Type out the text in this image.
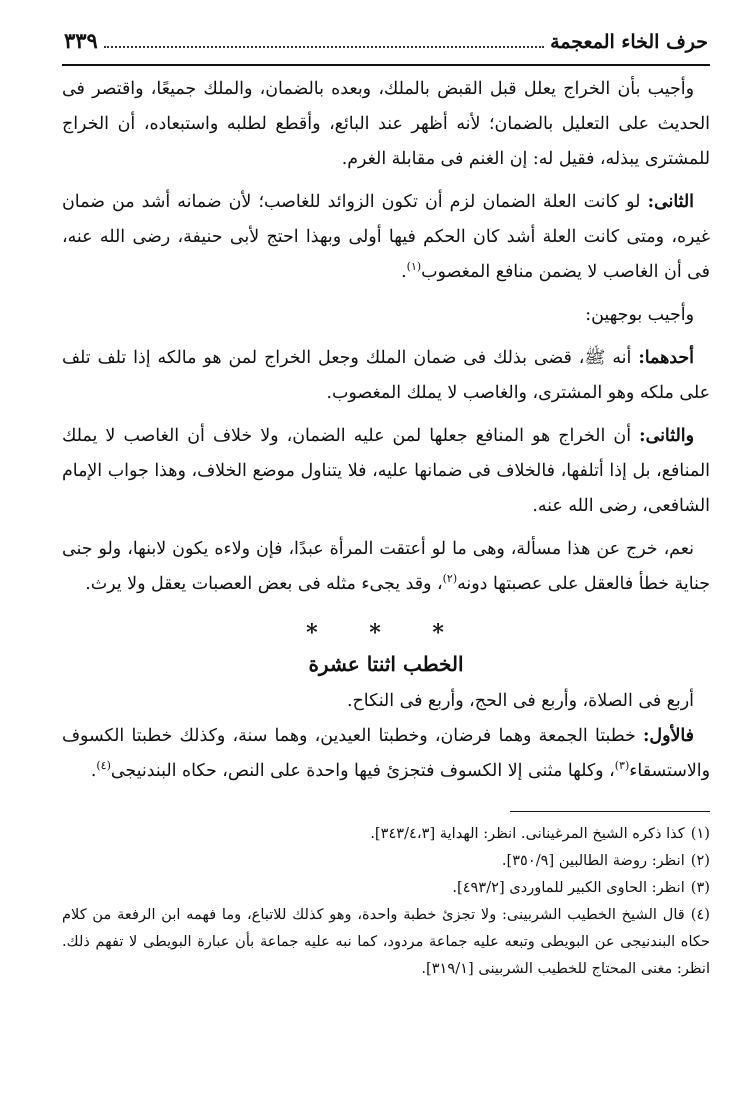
حرف الخاء المعجمة
٣٣٩

وأجيب بأن الخراج يعلل قبل القبض بالملك، وبعده بالضمان، والملك جميعًا، واقتصر فى الحديث على التعليل بالضمان؛ لأنه أظهر عند البائع، وأقطع لطلبه واستبعاده، أن الخراج للمشترى يبذله، فقيل له: إن الغنم فى مقابلة الغرم.

الثانى: لو كانت العلة الضمان لزم أن تكون الزوائد للغاصب؛ لأن ضمانه أشد من ضمان غيره، ومتى كانت العلة أشد كان الحكم فيها أولى وبهذا احتج لأبى حنيفة، رضى الله عنه، فى أن الغاصب لا يضمن منافع المغصوب$^{(١)}$.

وأجيب بوجهين:

أحدهما: أنه ﷺ، قضى بذلك فى ضمان الملك وجعل الخراج لمن هو مالكه إذا تلف تلف على ملكه وهو المشترى، والغاصب لا يملك المغصوب.

والثانى: أن الخراج هو المنافع جعلها لمن عليه الضمان، ولا خلاف أن الغاصب لا يملك المنافع، بل إذا أتلفها، فالخلاف فى ضمانها عليه، فلا يتناول موضع الخلاف، وهذا جواب الإمام الشافعى، رضى الله عنه.

نعم، خرج عن هذا مسألة، وهى ما لو أعتقت المرأة عبدًا، فإن ولاءه يكون لابنها، ولو جنى جناية خطأ فالعقل على عصبتها دونه$^{(٢)}$، وقد يجىء مثله فى بعض العصبات يعقل ولا يرث.

* * *
الخطب اثنتا عشرة

أربع فى الصلاة، وأربع فى الحج، وأربع فى النكاح.

فالأول: خطبتا الجمعة وهما فرضان، وخطبتا العيدين، وهما سنة، وكذلك خطبتا الكسوف والاستسقاء$^{(٣)}$، وكلها مثنى إلا الكسوف فتجزئ فيها واحدة على النص، حكاه البندنيجى$^{(٤)}$.

(١)كذا ذكره الشيخ المرغينانى. انظر: الهداية [٣٤٣/٤،٣].

(٢)انظر: روضة الطالبين [٣٥٠/٩].

(٣)انظر: الحاوى الكبير للماوردى [٤٩٣/٢].

(٤)قال الشيخ الخطيب الشربينى: ولا تجزئ خطبة واحدة، وهو كذلك للاتباع، وما فهمه ابن الرفعة من كلام حكاه البندنيجى عن البويطى وتبعه عليه جماعة مردود، كما نبه عليه جماعة بأن عبارة البويطى لا تفهم ذلك. انظر: مغنى المحتاج للخطيب الشربينى [٣١٩/١].
